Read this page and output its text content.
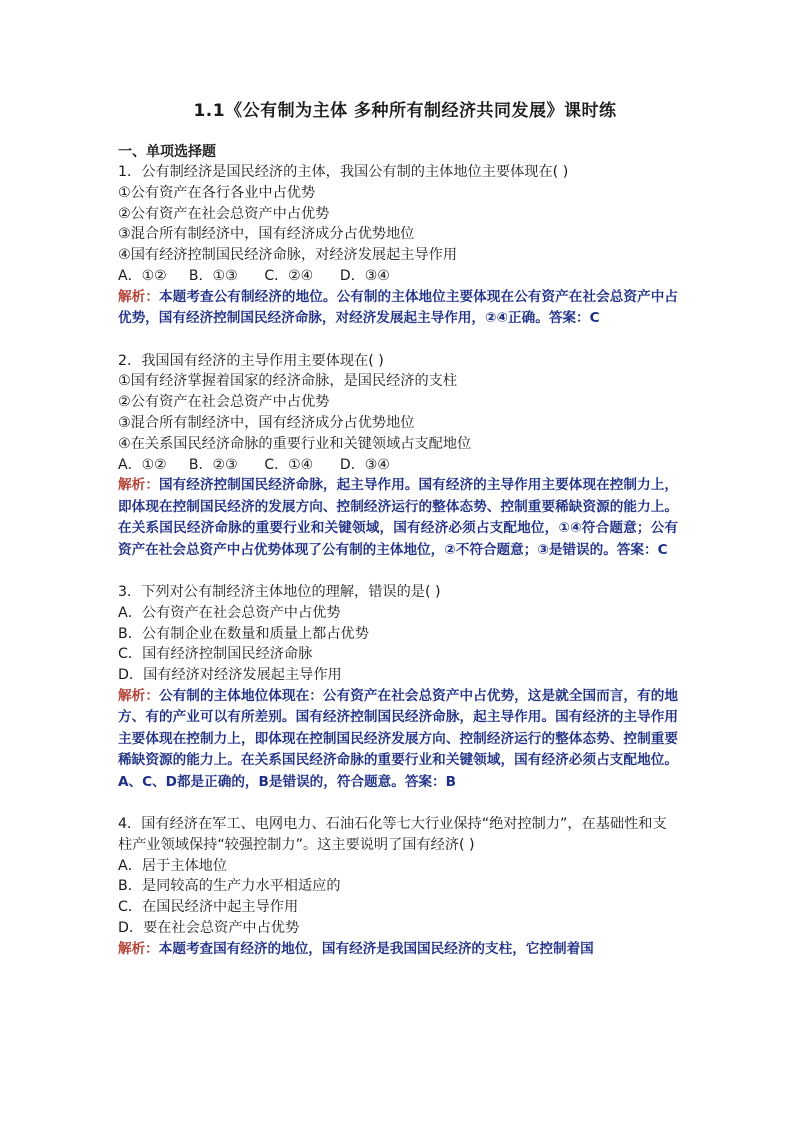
1.1《公有制为主体 多种所有制经济共同发展》课时练

一、单项选择题

1．公有制经济是国民经济的主体，我国公有制的主体地位主要体现在( )

①公有资产在各行各业中占优势

②公有资产在社会总资产中占优势

③混合所有制经济中，国有经济成分占优势地位

④国有经济控制国民经济命脉，对经济发展起主导作用

A．①②     B．①③      C．②④      D．③④

解析：本题考查公有制经济的地位。公有制的主体地位主要体现在公有资产在社会总资产中占优势，国有经济控制国民经济命脉，对经济发展起主导作用，②④正确。答案：C

2．我国国有经济的主导作用主要体现在( )

①国有经济掌握着国家的经济命脉，是国民经济的支柱

②公有资产在社会总资产中占优势

③混合所有制经济中，国有经济成分占优势地位

④在关系国民经济命脉的重要行业和关键领域占支配地位

A．①②     B．②③      C．①④      D．③④

解析：国有经济控制国民经济命脉，起主导作用。国有经济的主导作用主要体现在控制力上，即体现在控制国民经济的发展方向、控制经济运行的整体态势、控制重要稀缺资源的能力上。在关系国民经济命脉的重要行业和关键领域，国有经济必须占支配地位，①④符合题意；公有资产在社会总资产中占优势体现了公有制的主体地位，②不符合题意；③是错误的。答案：C

3．下列对公有制经济主体地位的理解，错误的是( )

A．公有资产在社会总资产中占优势

B．公有制企业在数量和质量上都占优势

C．国有经济控制国民经济命脉

D．国有经济对经济发展起主导作用

解析：公有制的主体地位体现在：公有资产在社会总资产中占优势，这是就全国而言，有的地方、有的产业可以有所差别。国有经济控制国民经济命脉，起主导作用。国有经济的主导作用主要体现在控制力上，即体现在控制国民经济发展方向、控制经济运行的整体态势、控制重要稀缺资源的能力上。在关系国民经济命脉的重要行业和关键领域，国有经济必须占支配地位。A、C、D都是正确的，B是错误的，符合题意。答案：B

4．国有经济在军工、电网电力、石油石化等七大行业保持“绝对控制力”，在基础性和支柱产业领域保持“较强控制力”。这主要说明了国有经济( )

A．居于主体地位

B．是同较高的生产力水平相适应的

C．在国民经济中起主导作用

D．要在社会总资产中占优势

解析：本题考查国有经济的地位，国有经济是我国国民经济的支柱，它控制着国
